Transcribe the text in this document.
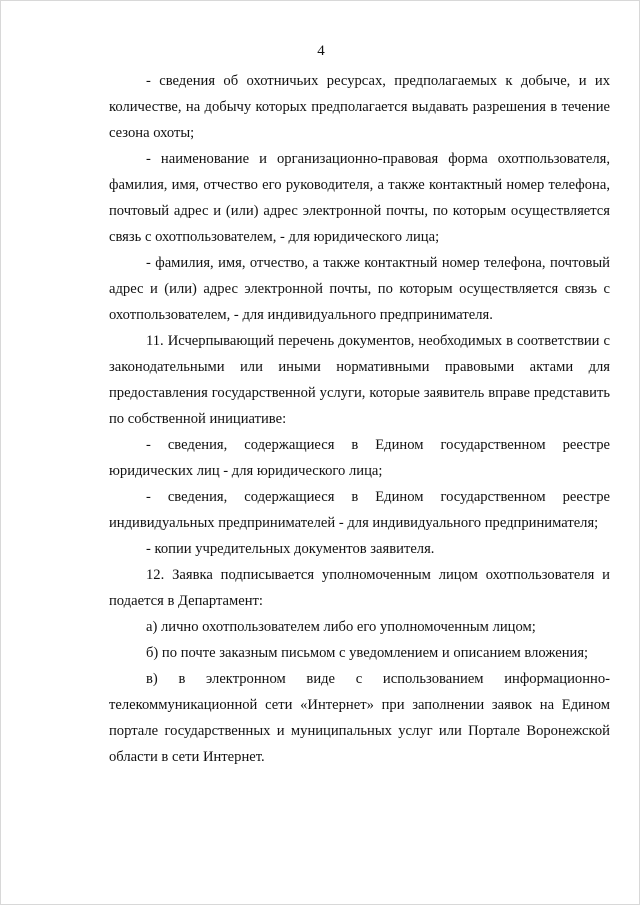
4

- сведения об охотничьих ресурсах, предполагаемых к добыче, и их количестве, на добычу которых предполагается выдавать разрешения в течение сезона охоты;

- наименование и организационно-правовая форма охотпользователя, фамилия, имя, отчество его руководителя, а также контактный номер телефона, почтовый адрес и (или) адрес электронной почты, по которым осуществляется связь с охотпользователем, - для юридического лица;

- фамилия, имя, отчество, а также контактный номер телефона, почтовый адрес и (или) адрес электронной почты, по которым осуществляется связь с охотпользователем, - для индивидуального предпринимателя.

11. Исчерпывающий перечень документов, необходимых в соответствии с законодательными или иными нормативными правовыми актами для предоставления государственной услуги, которые заявитель вправе представить по собственной инициативе:

- сведения, содержащиеся в Едином государственном реестре юридических лиц - для юридического лица;

- сведения, содержащиеся в Едином государственном реестре индивидуальных предпринимателей - для индивидуального предпринимателя;

- копии учредительных документов заявителя.

12. Заявка подписывается уполномоченным лицом охотпользователя и подается в Департамент:

а) лично охотпользователем либо его уполномоченным лицом;

б) по почте заказным письмом с уведомлением и описанием вложения;

в) в электронном виде с использованием информационно-телекоммуникационной сети «Интернет» при заполнении заявок на Едином портале государственных и муниципальных услуг или Портале Воронежской области в сети Интернет.
